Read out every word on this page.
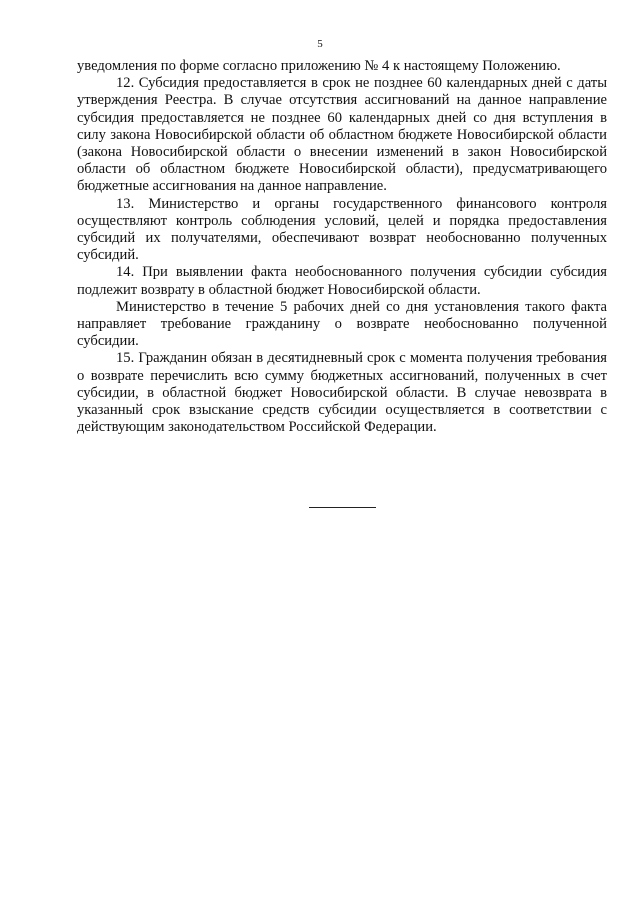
5

уведомления по форме согласно приложению № 4 к настоящему Положению.

12. Субсидия предоставляется в срок не позднее 60 календарных дней с даты утверждения Реестра. В случае отсутствия ассигнований на данное направление субсидия предоставляется не позднее 60 календарных дней со дня вступления в силу закона Новосибирской области об областном бюджете Новосибирской области (закона Новосибирской области о внесении изменений в закон Новосибирской области об областном бюджете Новосибирской области), предусматривающего бюджетные ассигнования на данное направление.

13. Министерство и органы государственного финансового контроля осуществляют контроль соблюдения условий, целей и порядка предоставления субсидий их получателями, обеспечивают возврат необоснованно полученных субсидий.

14. При выявлении факта необоснованного получения субсидии субсидия подлежит возврату в областной бюджет Новосибирской области.

Министерство в течение 5 рабочих дней со дня установления такого факта направляет требование гражданину о возврате необоснованно полученной субсидии.

15. Гражданин обязан в десятидневный срок с момента получения требования о возврате перечислить всю сумму бюджетных ассигнований, полученных в счет субсидии, в областной бюджет Новосибирской области. В случае невозврата в указанный срок взыскание средств субсидии осуществляется в соответствии с действующим законодательством Российской Федерации.
